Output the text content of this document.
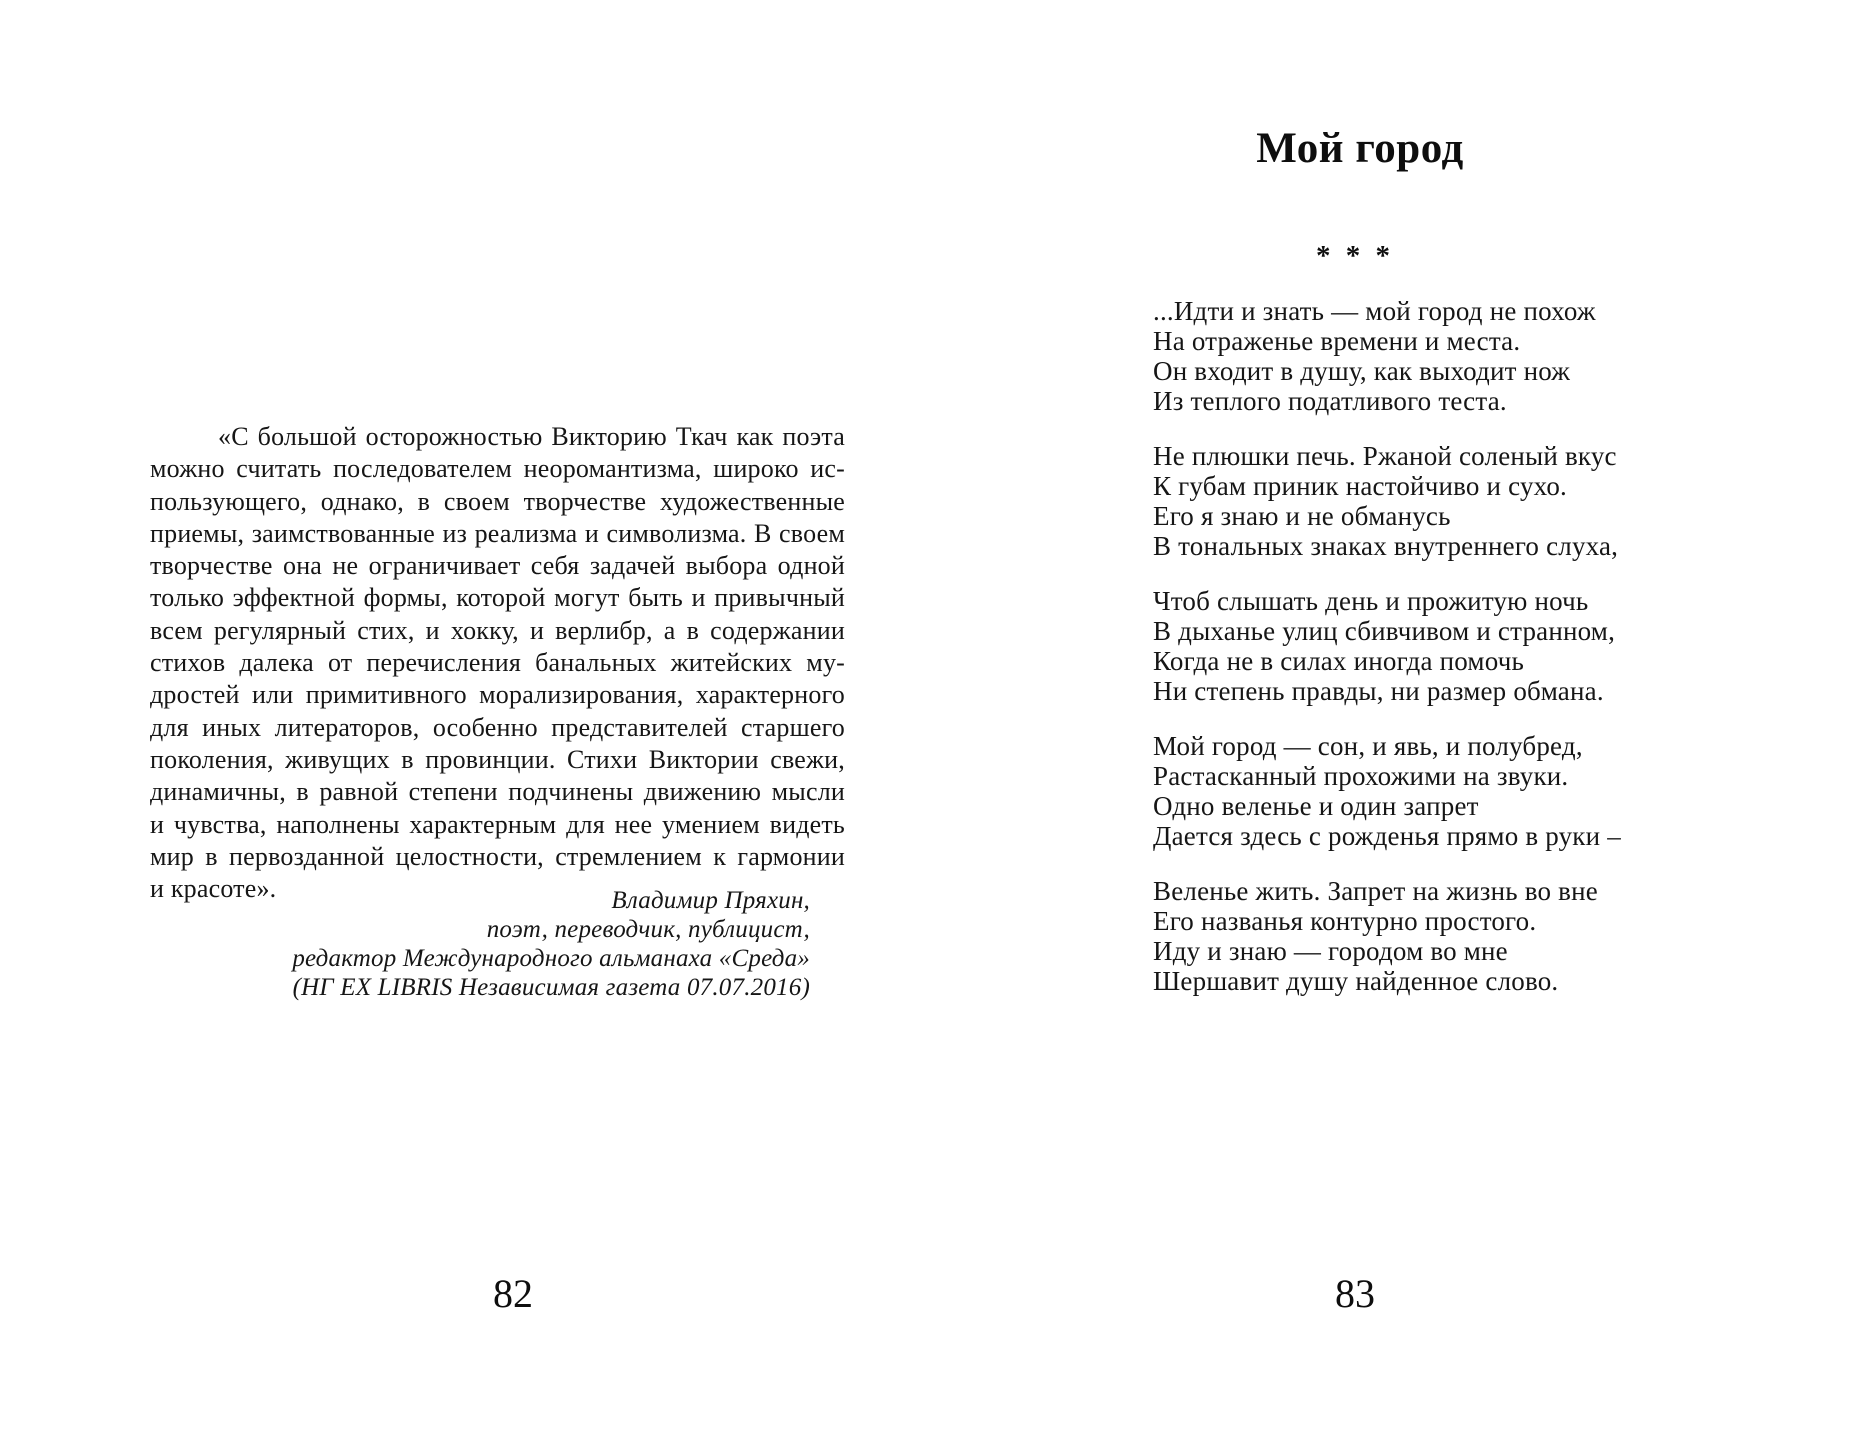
«С большой осторожностью Викторию Ткач как поэта
можно считать последователем неоромантизма, широко ис-
пользующего, однако, в своем творчестве художественные
приемы, заимствованные из реализма и символизма. В своем
творчестве она не ограничивает себя задачей выбора одной
только эффектной формы, которой могут быть и привычный
всем регулярный стих, и хокку, и верлибр, а в содержании
стихов далека от перечисления банальных житейских му-
дростей или примитивного морализирования, характерного
для иных литераторов, особенно представителей старшего
поколения, живущих в провинции. Стихи Виктории свежи,
динамичны, в равной степени подчинены движению мысли
и чувства, наполнены характерным для нее умением видеть
мир в первозданной целостности, стремлением к гармонии
и красоте».	Владимир Пряхин,
поэт, переводчик, публицист,
редактор Международного альманаха «Среда»
(НГ EX LIBRIS Независимая газета 07.07.2016)
82
Мой город
* * *
...Идти и знать — мой город не похож
На отраженье времени и места.
Он входит в душу, как выходит нож
Из теплого податливого теста.
Не плюшки печь. Ржаной соленый вкус
К губам приник настойчиво и сухо.
Его я знаю и не обманусь
В тональных знаках внутреннего слуха,
Чтоб слышать день и прожитую ночь
В дыханье улиц сбивчивом и странном,
Когда не в силах иногда помочь
Ни степень правды, ни размер обмана.
Мой город — сон, и явь, и полубред,
Растасканный прохожими на звуки.
Одно веленье и один запрет
Дается здесь с рожденья прямо в руки –
Веленье жить. Запрет на жизнь во вне
Его названья контурно простого.
Иду и знаю — городом во мне
Шершавит душу найденное слово.
83
